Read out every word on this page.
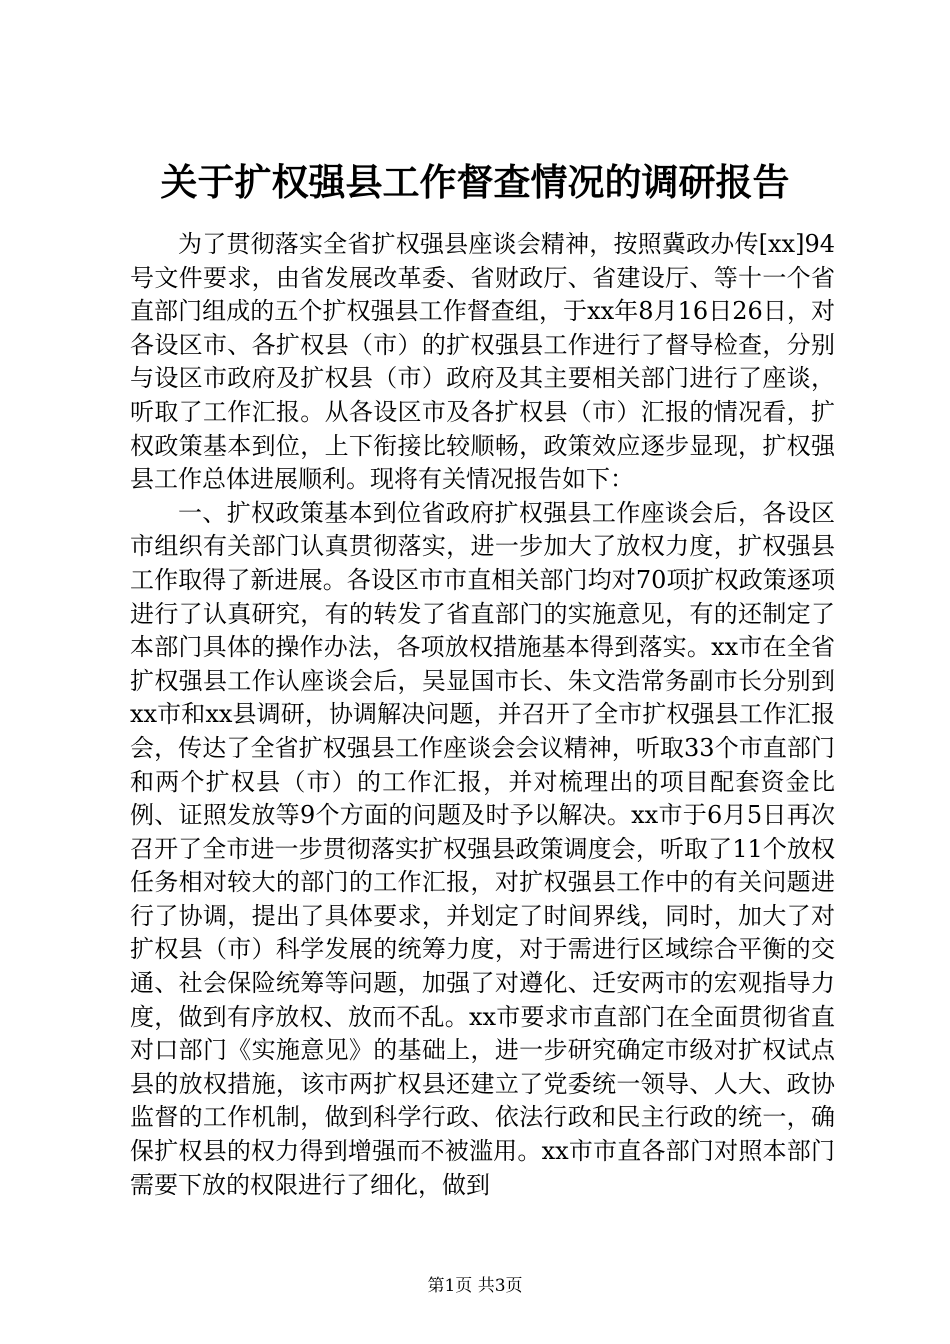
关于扩权强县工作督查情况的调研报告

为了贯彻落实全省扩权强县座谈会精神，按照冀政办传[xx]94号文件要求，由省发展改革委、省财政厅、省建设厅、等十一个省直部门组成的五个扩权强县工作督查组，于xx年8月16日26日，对各设区市、各扩权县（市）的扩权强县工作进行了督导检查，分别与设区市政府及扩权县（市）政府及其主要相关部门进行了座谈，听取了工作汇报。从各设区市及各扩权县（市）汇报的情况看，扩权政策基本到位，上下衔接比较顺畅，政策效应逐步显现，扩权强县工作总体进展顺利。现将有关情况报告如下：

一、扩权政策基本到位省政府扩权强县工作座谈会后，各设区市组织有关部门认真贯彻落实，进一步加大了放权力度，扩权强县工作取得了新进展。各设区市市直相关部门均对70项扩权政策逐项进行了认真研究，有的转发了省直部门的实施意见，有的还制定了本部门具体的操作办法，各项放权措施基本得到落实。xx市在全省扩权强县工作认座谈会后，吴显国市长、朱文浩常务副市长分别到xx市和xx县调研，协调解决问题，并召开了全市扩权强县工作汇报会，传达了全省扩权强县工作座谈会会议精神，听取33个市直部门和两个扩权县（市）的工作汇报，并对梳理出的项目配套资金比例、证照发放等9个方面的问题及时予以解决。xx市于6月5日再次召开了全市进一步贯彻落实扩权强县政策调度会，听取了11个放权任务相对较大的部门的工作汇报，对扩权强县工作中的有关问题进行了协调，提出了具体要求，并划定了时间界线，同时，加大了对扩权县（市）科学发展的统筹力度，对于需进行区域综合平衡的交通、社会保险统筹等问题，加强了对遵化、迁安两市的宏观指导力度，做到有序放权、放而不乱。xx市要求市直部门在全面贯彻省直对口部门《实施意见》的基础上，进一步研究确定市级对扩权试点县的放权措施，该市两扩权县还建立了党委统一领导、人大、政协监督的工作机制，做到科学行政、依法行政和民主行政的统一，确保扩权县的权力得到增强而不被滥用。xx市市直各部门对照本部门需要下放的权限进行了细化，做到

第1页 共3页
